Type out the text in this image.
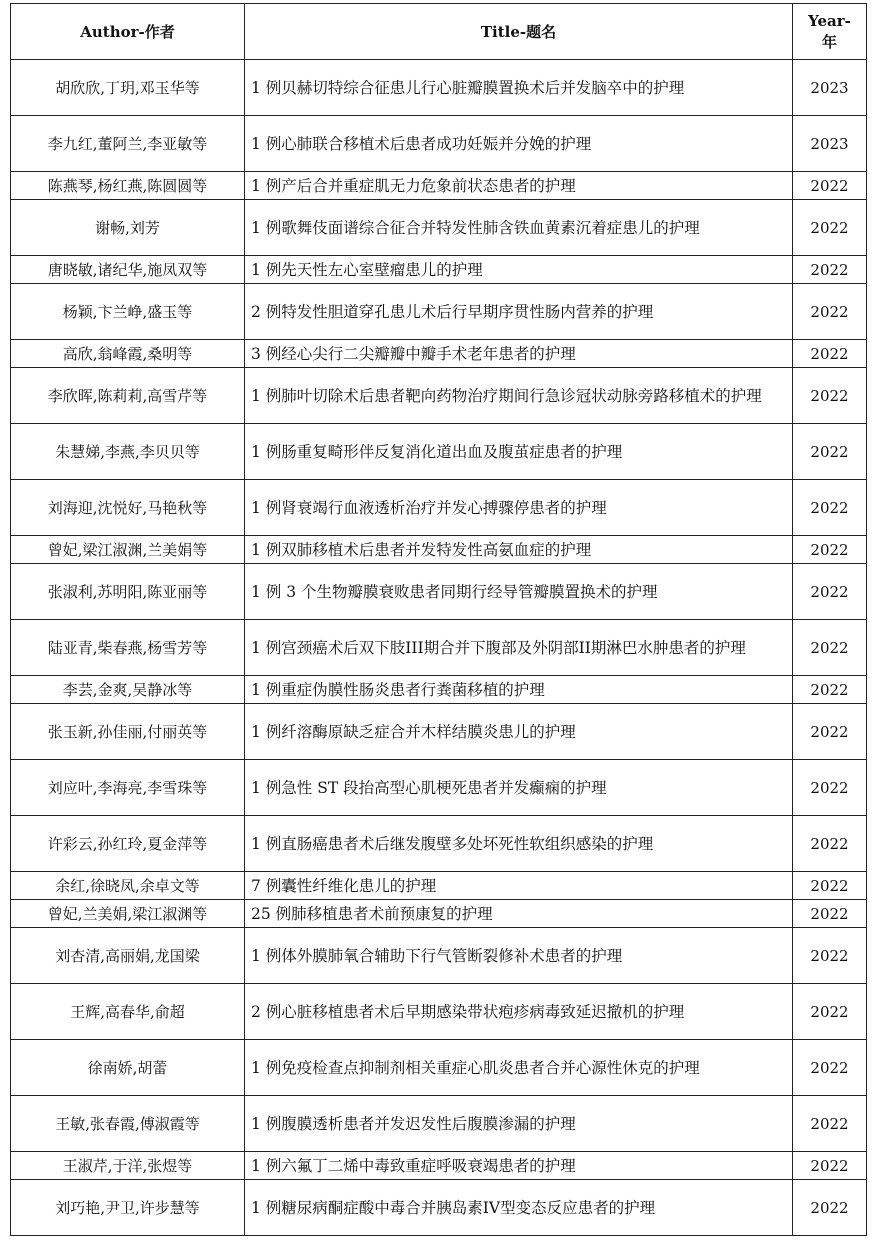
Author-作者	Title-题名	Year-年
胡欣欣,丁玥,邓玉华等	1 例贝赫切特综合征患儿行心脏瓣膜置换术后并发脑卒中的护理	2023
李九红,董阿兰,李亚敏等	1 例心肺联合移植术后患者成功妊娠并分娩的护理	2023
陈燕琴,杨红燕,陈圆圆等	1 例产后合并重症肌无力危象前状态患者的护理	2022
谢畅,刘芳	1 例歌舞伎面谱综合征合并特发性肺含铁血黄素沉着症患儿的护理	2022
唐晓敏,诸纪华,施凤双等	1 例先天性左心室壁瘤患儿的护理	2022
杨颖,卞兰峥,盛玉等	2 例特发性胆道穿孔患儿术后行早期序贯性肠内营养的护理	2022
高欣,翁峰霞,桑明等	3 例经心尖行二尖瓣瓣中瓣手术老年患者的护理	2022
李欣晖,陈莉莉,高雪芹等	1 例肺叶切除术后患者靶向药物治疗期间行急诊冠状动脉旁路移植术的护理	2022
朱慧娣,李燕,李贝贝等	1 例肠重复畸形伴反复消化道出血及腹茧症患者的护理	2022
刘海迎,沈悦好,马艳秋等	1 例肾衰竭行血液透析治疗并发心搏骤停患者的护理	2022
曾妃,梁江淑渊,兰美娟等	1 例双肺移植术后患者并发特发性高氨血症的护理	2022
张淑利,苏明阳,陈亚丽等	1 例 3 个生物瓣膜衰败患者同期行经导管瓣膜置换术的护理	2022
陆亚青,柴春燕,杨雪芳等	1 例宫颈癌术后双下肢III期合并下腹部及外阴部II期淋巴水肿患者的护理	2022
李芸,金爽,吴静冰等	1 例重症伪膜性肠炎患者行粪菌移植的护理	2022
张玉新,孙佳丽,付丽英等	1 例纤溶酶原缺乏症合并木样结膜炎患儿的护理	2022
刘应叶,李海亮,李雪珠等	1 例急性 ST 段抬高型心肌梗死患者并发癫痫的护理	2022
许彩云,孙红玲,夏金萍等	1 例直肠癌患者术后继发腹壁多处坏死性软组织感染的护理	2022
余红,徐晓凤,余卓文等	7 例囊性纤维化患儿的护理	2022
曾妃,兰美娟,梁江淑渊等	25 例肺移植患者术前预康复的护理	2022
刘杏清,高丽娟,龙国梁	1 例体外膜肺氧合辅助下行气管断裂修补术患者的护理	2022
王辉,高春华,俞超	2 例心脏移植患者术后早期感染带状疱疹病毒致延迟撤机的护理	2022
徐南娇,胡蕾	1 例免疫检查点抑制剂相关重症心肌炎患者合并心源性休克的护理	2022
王敏,张春霞,傅淑霞等	1 例腹膜透析患者并发迟发性后腹膜渗漏的护理	2022
王淑芹,于洋,张煜等	1 例六氟丁二烯中毒致重症呼吸衰竭患者的护理	2022
刘巧艳,尹卫,许步慧等	1 例糖尿病酮症酸中毒合并胰岛素IV型变态反应患者的护理	2022
